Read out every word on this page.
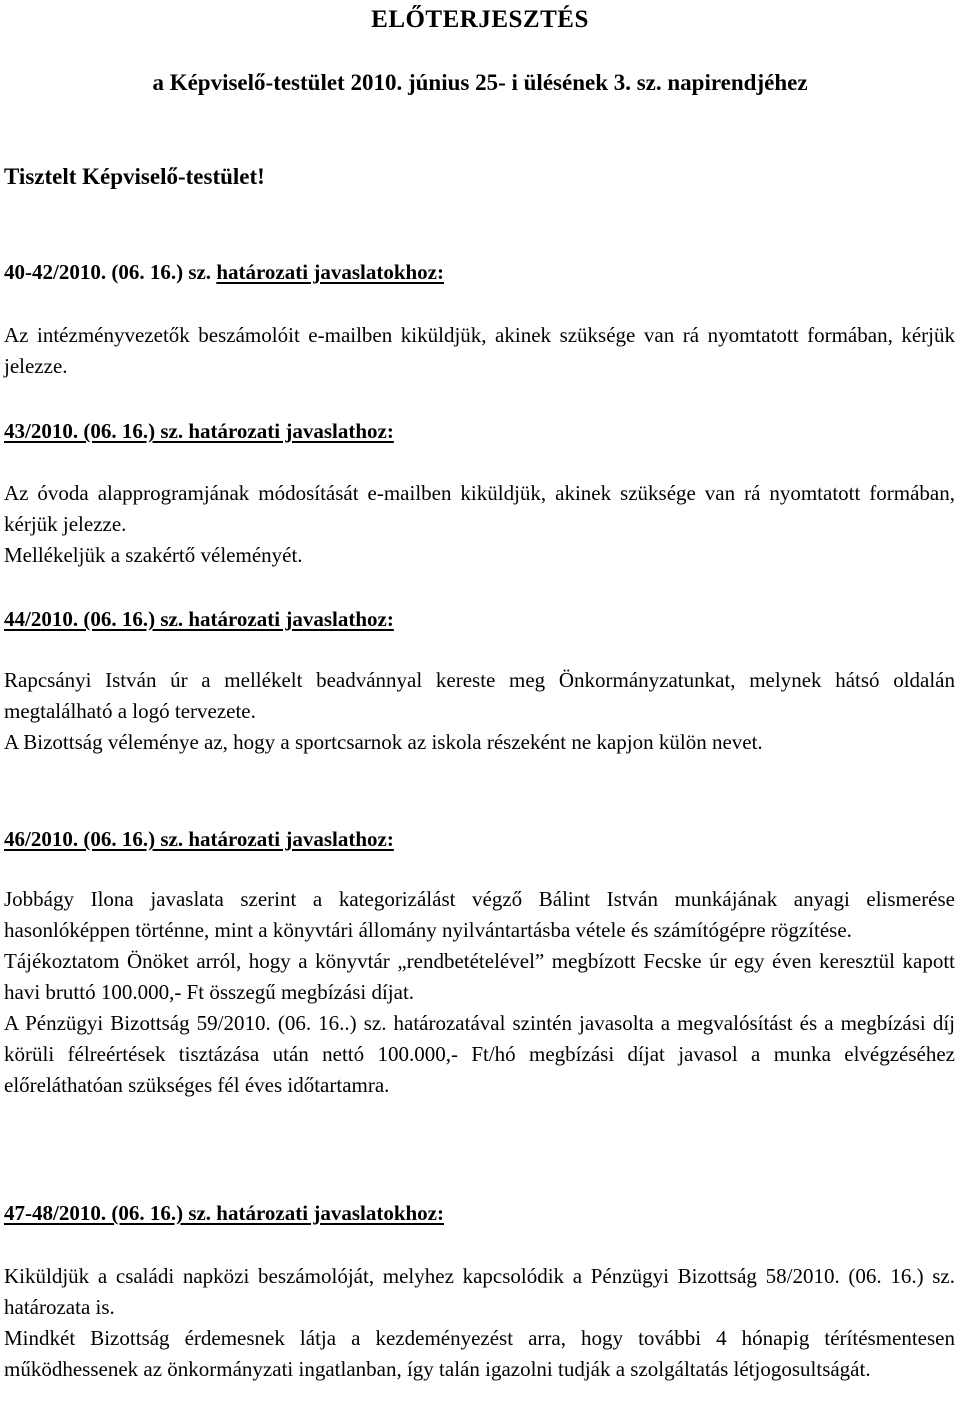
ELŐTERJESZTÉS
a Képviselő-testület 2010. június 25- i ülésének 3. sz. napirendjéhez
Tisztelt Képviselő-testület!
40-42/2010. (06. 16.) sz. határozati javaslatokhoz:

Az intézményvezetők beszámolóit e-mailben kiküldjük, akinek szüksége van rá nyomtatott formában, kérjük jelezze.

43/2010. (06. 16.) sz. határozati javaslathoz:

Az óvoda alapprogramjának módosítását e-mailben kiküldjük, akinek szüksége van rá nyomtatott formában, kérjük jelezze.

Mellékeljük a szakértő véleményét.

44/2010. (06. 16.) sz. határozati javaslathoz:

Rapcsányi István úr a mellékelt beadvánnyal kereste meg Önkormányzatunkat, melynek hátsó oldalán megtalálható a logó tervezete.

A Bizottság véleménye az, hogy a sportcsarnok az iskola részeként ne kapjon külön nevet.

46/2010. (06. 16.) sz. határozati javaslathoz:

Jobbágy Ilona javaslata szerint a kategorizálást végző Bálint István munkájának anyagi elismerése hasonlóképpen történne, mint a könyvtári állomány nyilvántartásba vétele és számítógépre rögzítése.

Tájékoztatom Önöket arról, hogy a könyvtár „rendbetételével” megbízott Fecske úr egy éven keresztül kapott havi bruttó 100.000,- Ft összegű megbízási díjat.

A Pénzügyi Bizottság 59/2010. (06. 16..) sz. határozatával szintén javasolta a megvalósítást és a megbízási díj körüli félreértések tisztázása után nettó 100.000,- Ft/hó megbízási díjat javasol a munka elvégzéséhez előreláthatóan szükséges fél éves időtartamra.

47-48/2010. (06. 16.) sz. határozati javaslatokhoz:

Kiküldjük a családi napközi beszámolóját, melyhez kapcsolódik a Pénzügyi Bizottság 58/2010. (06. 16.) sz. határozata is.

Mindkét Bizottság érdemesnek látja a kezdeményezést arra, hogy további 4 hónapig térítésmentesen működhessenek az önkormányzati ingatlanban, így talán igazolni tudják a szolgáltatás létjogosultságát.
